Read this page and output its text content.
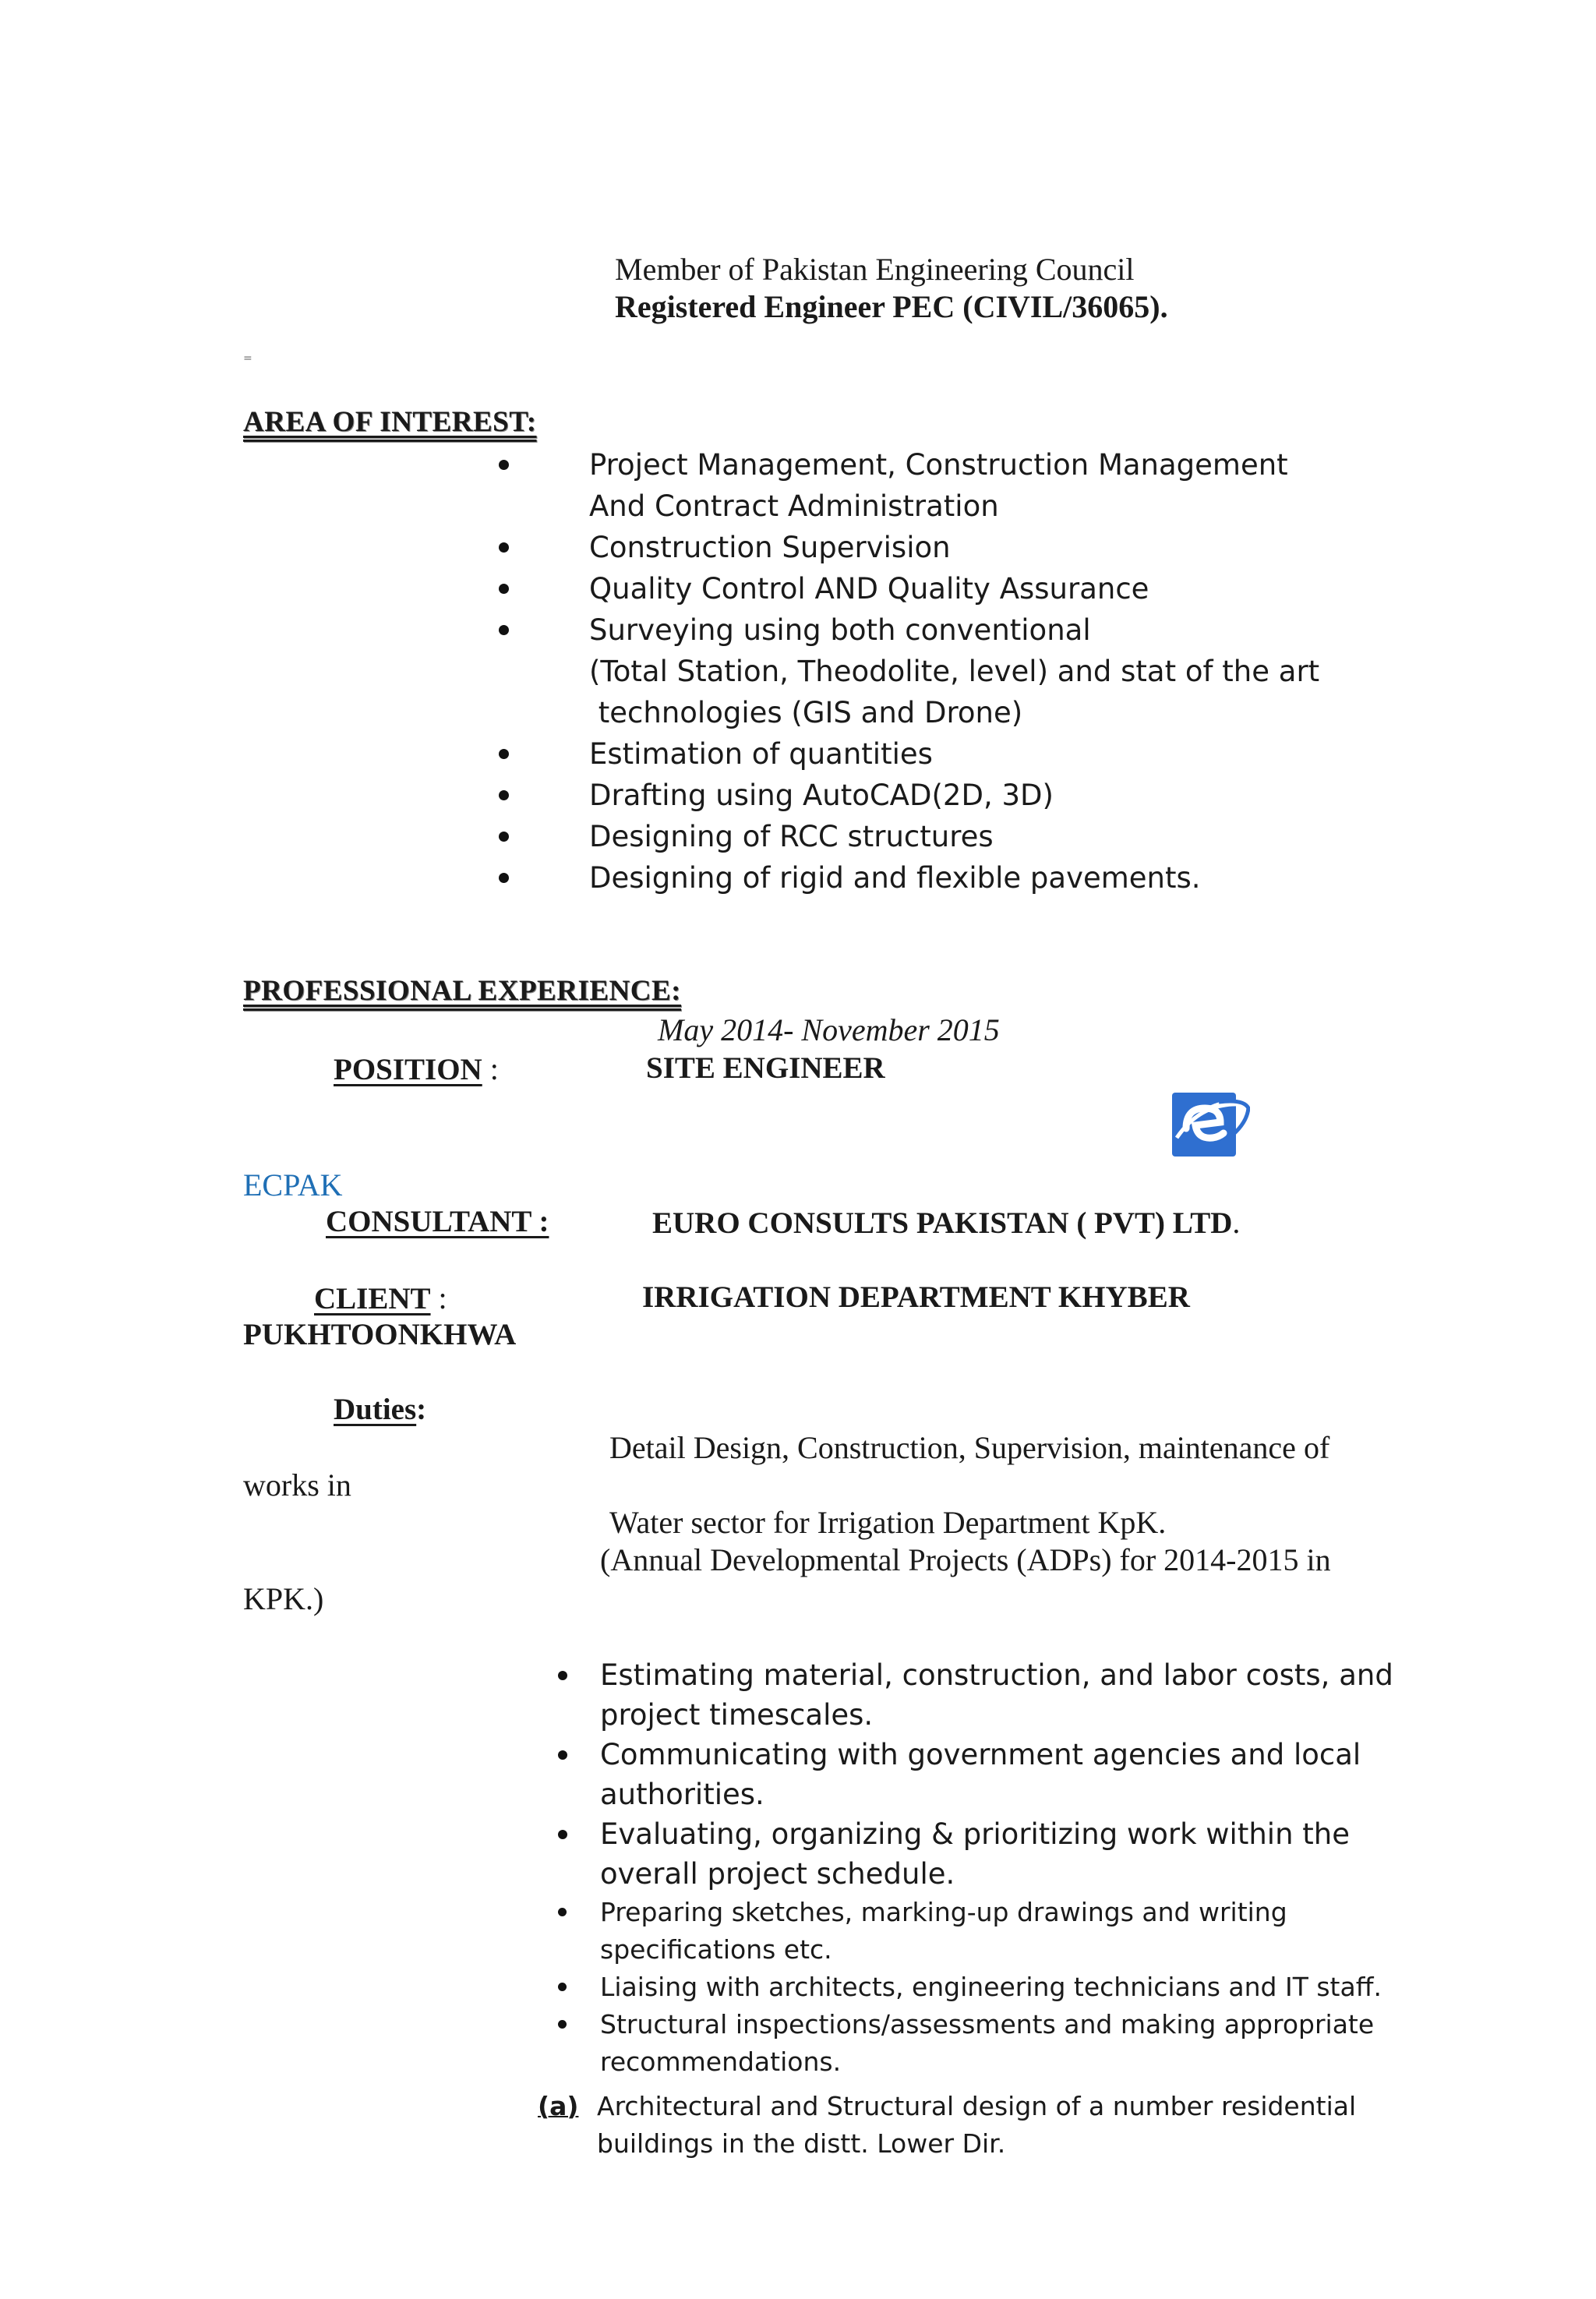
Member of Pakistan Engineering Council
Registered Engineer PEC (CIVIL/36065).
=
AREA OF INTEREST:
Project Management, Construction Management
And Contract Administration
Construction Supervision
Quality Control AND Quality Assurance
Surveying using both conventional
(Total Station, Theodolite, level) and stat of the art
technologies (GIS and Drone)
Estimation of quantities
Drafting using AutoCAD(2D, 3D)
Designing of RCC structures
Designing of rigid and flexible pavements.
PROFESSIONAL EXPERIENCE:
May 2014- November 2015
POSITION :	SITE ENGINEER
ECPAK
CONSULTANT :	EURO CONSULTS PAKISTAN ( PVT) LTD.
CLIENT :	IRRIGATION DEPARTMENT KHYBER
PUKHTOONKHWA
Duties:
Detail Design, Construction, Supervision, maintenance of
works in
Water sector for Irrigation Department KpK.
(Annual Developmental Projects (ADPs) for 2014-2015 in
KPK.)
Estimating material, construction, and labor costs, and
project timescales.
Communicating with government agencies and local
authorities.
Evaluating, organizing & prioritizing work within the
overall project schedule.
Preparing sketches, marking-up drawings and writing
specifications etc.
Liaising with architects, engineering technicians and IT staff.
Structural inspections/assessments and making appropriate
recommendations.
(a) Architectural and Structural design of a number residential
buildings in the distt. Lower Dir.
